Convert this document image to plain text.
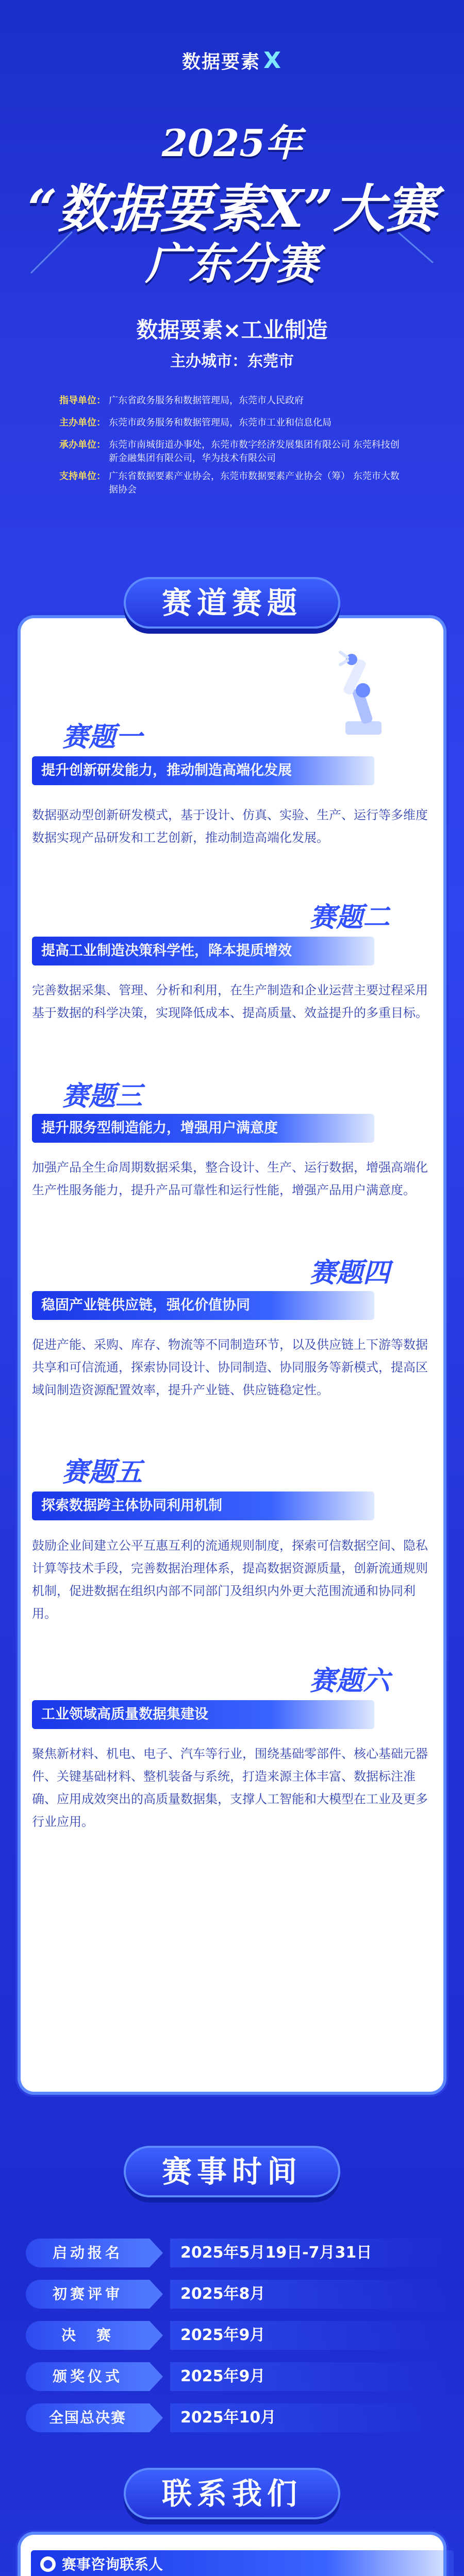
数据要素 X
2025年
“数据要素X”大赛
广东分赛
数据要素×工业制造
主办城市：东莞市
指导单位： 广东省政务服务和数据管理局，东莞市人民政府
主办单位： 东莞市政务服务和数据管理局，东莞市工业和信息化局
承办单位： 东莞市南城街道办事处，东莞市数字经济发展集团有限公司 东莞科技创新金融集团有限公司，华为技术有限公司
支持单位： 广东省数据要素产业协会，东莞市数据要素产业协会（筹） 东莞市大数据协会
赛道赛题
赛题一
提升创新研发能力，推动制造高端化发展
数据驱动型创新研发模式，基于设计、仿真、实验、生产、运行等多维度数据实现产品研发和工艺创新，推动制造高端化发展。
赛题二
提高工业制造决策科学性，降本提质增效
完善数据采集、管理、分析和利用，在生产制造和企业运营主要过程采用基于数据的科学决策，实现降低成本、提高质量、效益提升的多重目标。
赛题三
提升服务型制造能力，增强用户满意度
加强产品全生命周期数据采集，整合设计、生产、运行数据，增强高端化生产性服务能力，提升产品可靠性和运行性能，增强产品用户满意度。
赛题四
稳固产业链供应链，强化价值协同
促进产能、采购、库存、物流等不同制造环节，以及供应链上下游等数据共享和可信流通，探索协同设计、协同制造、协同服务等新模式，提高区域间制造资源配置效率，提升产业链、供应链稳定性。
赛题五
探索数据跨主体协同利用机制
鼓励企业间建立公平互惠互利的流通规则制度，探索可信数据空间、隐私计算等技术手段，完善数据治理体系，提高数据资源质量，创新流通规则机制，促进数据在组织内部不同部门及组织内外更大范围流通和协同利用。
赛题六
工业领域高质量数据集建设
聚焦新材料、机电、电子、汽车等行业，围绕基础零部件、核心基础元器件、关键基础材料、整机装备与系统，打造来源主体丰富、数据标注准确、应用成效突出的高质量数据集，支撑人工智能和大模型在工业及更多行业应用。
赛事时间
启动报名	2025年5月19日-7月31日
初赛评审	2025年8月
决　赛	2025年9月
颁奖仪式	2025年9月
全国总决赛	2025年10月
联系我们
● 赛事咨询联系人
